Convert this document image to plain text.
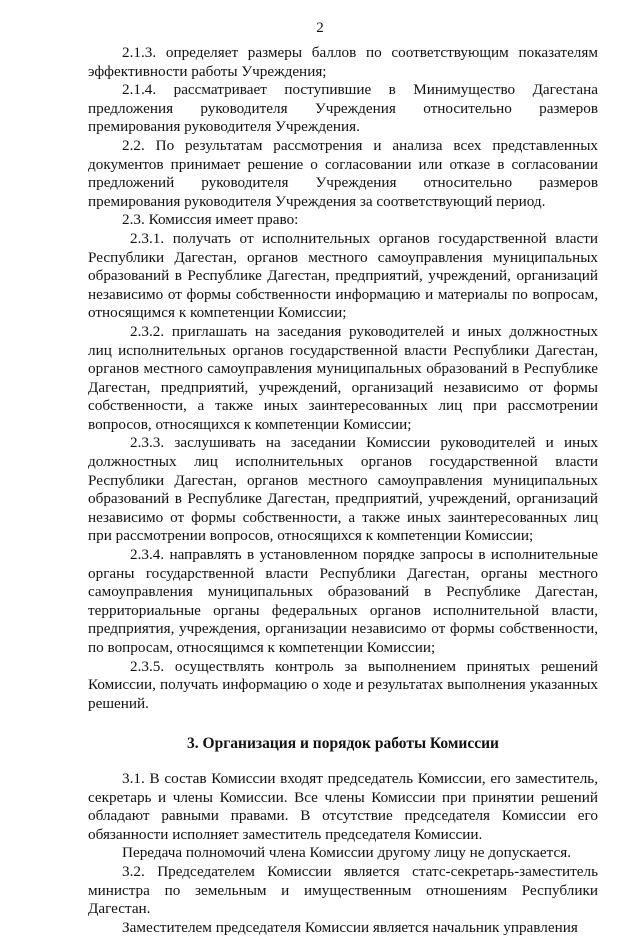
2

2.1.3. определяет размеры баллов по соответствующим показателям эффективности работы Учреждения;

2.1.4. рассматривает поступившие в Минимущество Дагестана предложения руководителя Учреждения относительно размеров премирования руководителя Учреждения.

2.2. По результатам рассмотрения и анализа всех представленных документов принимает решение о согласовании или отказе в согласовании предложений руководителя Учреждения относительно размеров премирования руководителя Учреждения за соответствующий период.

2.3. Комиссия имеет право:

2.3.1. получать от исполнительных органов государственной власти Республики Дагестан, органов местного самоуправления муниципальных образований в Республике Дагестан, предприятий, учреждений, организаций независимо от формы собственности информацию и материалы по вопросам, относящимся к компетенции Комиссии;

2.3.2. приглашать на заседания руководителей и иных должностных лиц исполнительных органов государственной власти Республики Дагестан, органов местного самоуправления муниципальных образований в Республике Дагестан, предприятий, учреждений, организаций независимо от формы собственности, а также иных заинтересованных лиц при рассмотрении вопросов, относящихся к компетенции Комиссии;

2.3.3. заслушивать на заседании Комиссии руководителей и иных должностных лиц исполнительных органов государственной власти Республики Дагестан, органов местного самоуправления муниципальных образований в Республике Дагестан, предприятий, учреждений, организаций независимо от формы собственности, а также иных заинтересованных лиц при рассмотрении вопросов, относящихся к компетенции Комиссии;

2.3.4. направлять в установленном порядке запросы в исполнительные органы государственной власти Республики Дагестан, органы местного самоуправления муниципальных образований в Республике Дагестан, территориальные органы федеральных органов исполнительной власти, предприятия, учреждения, организации независимо от формы собственности, по вопросам, относящимся к компетенции Комиссии;

2.3.5. осуществлять контроль за выполнением принятых решений Комиссии, получать информацию о ходе и результатах выполнения указанных решений.

3. Организация и порядок работы Комиссии

3.1. В состав Комиссии входят председатель Комиссии, его заместитель, секретарь и члены Комиссии. Все члены Комиссии при принятии решений обладают равными правами. В отсутствие председателя Комиссии его обязанности исполняет заместитель председателя Комиссии.

Передача полномочий члена Комиссии другому лицу не допускается.

3.2. Председателем Комиссии является статс-секретарь-заместитель министра по земельным и имущественным отношениям Республики Дагестан.

Заместителем председателя Комиссии является начальник управления
